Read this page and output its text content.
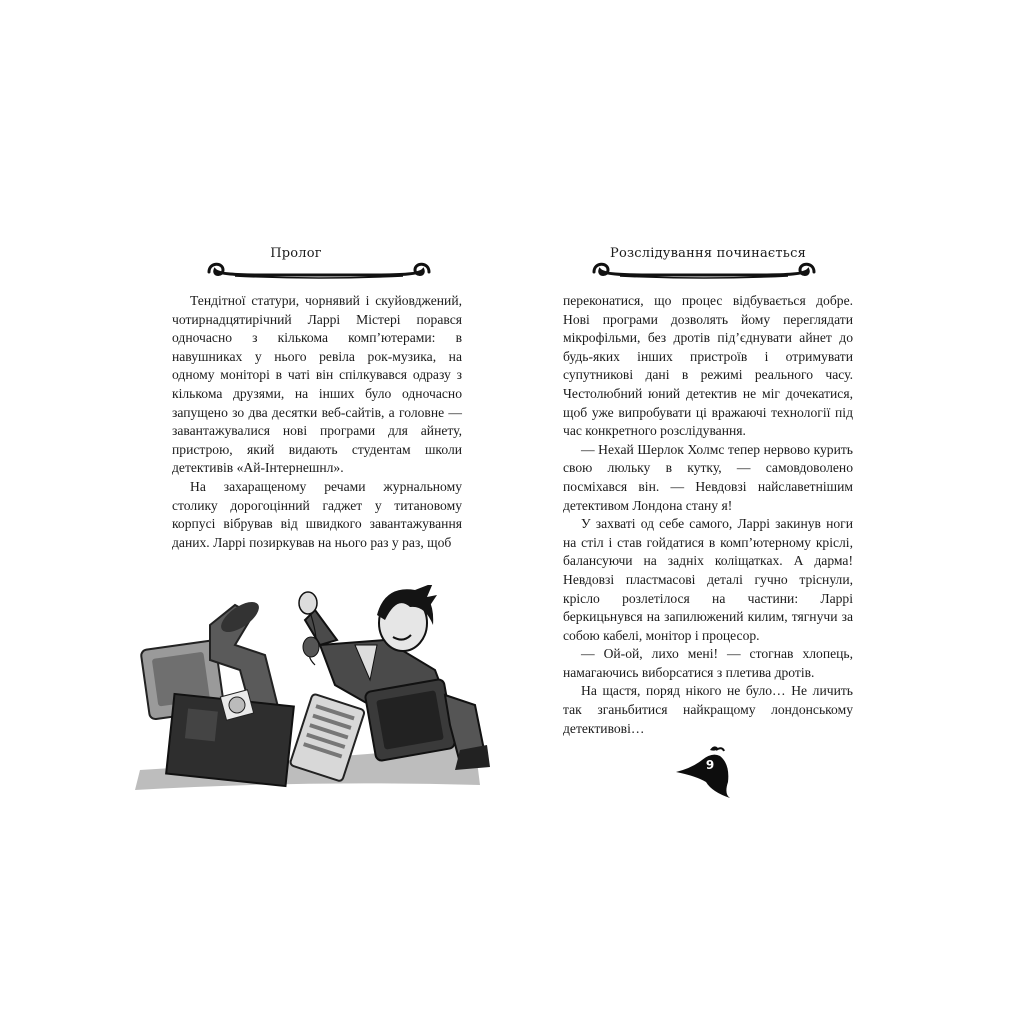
Пролог

Тендітної статури, чорнявий і скуйовджений, чотирнадцятирічний Ларрі Містері порався одночасно з кількома комп’ютерами: в навушниках у нього ревіла рок-музика, на одному моніторі в чаті він спілкувався одразу з кількома друзями, на інших було одночасно запущено зо два десятки веб-сайтів, а головне — завантажувалися нові програми для айнету, пристрою, який видають студентам школи детективів «Ай-Інтернешнл».

На захаращеному речами журнальному столику дорогоцінний гаджет у титановому корпусі вібрував від швидкого завантажування даних. Ларрі позиркував на нього раз у раз, щоб

Розслідування починається

переконатися, що процес відбувається добре. Нові програми дозволять йому переглядати мікрофільми, без дротів під’єднувати айнет до будь-яких інших пристроїв і отримувати супутникові дані в режимі реального часу. Честолюбний юний детектив не міг дочекатися, щоб уже випробувати ці вражаючі технології під час конкретного розслідування.

— Нехай Шерлок Холмс тепер нервово курить свою люльку в кутку, — самовдоволено посміхався він. — Невдовзі найславетнішим детективом Лондона стану я!

У захваті од себе самого, Ларрі закинув ноги на стіл і став гойдатися в комп’ютерному кріслі, балансуючи на задніх коліщатках. А дарма! Невдовзі пластмасові деталі гучно тріснули, крісло розлетілося на частини: Ларрі беркицьнувся на запилюжений килим, тягнучи за собою кабелі, монітор і процесор.

— Ой-ой, лихо мені! — стогнав хлопець, намагаючись виборсатися з плетива дротів.

На щастя, поряд нікого не було… Не личить так зганьбитися найкращому лондонському детективові…

9
